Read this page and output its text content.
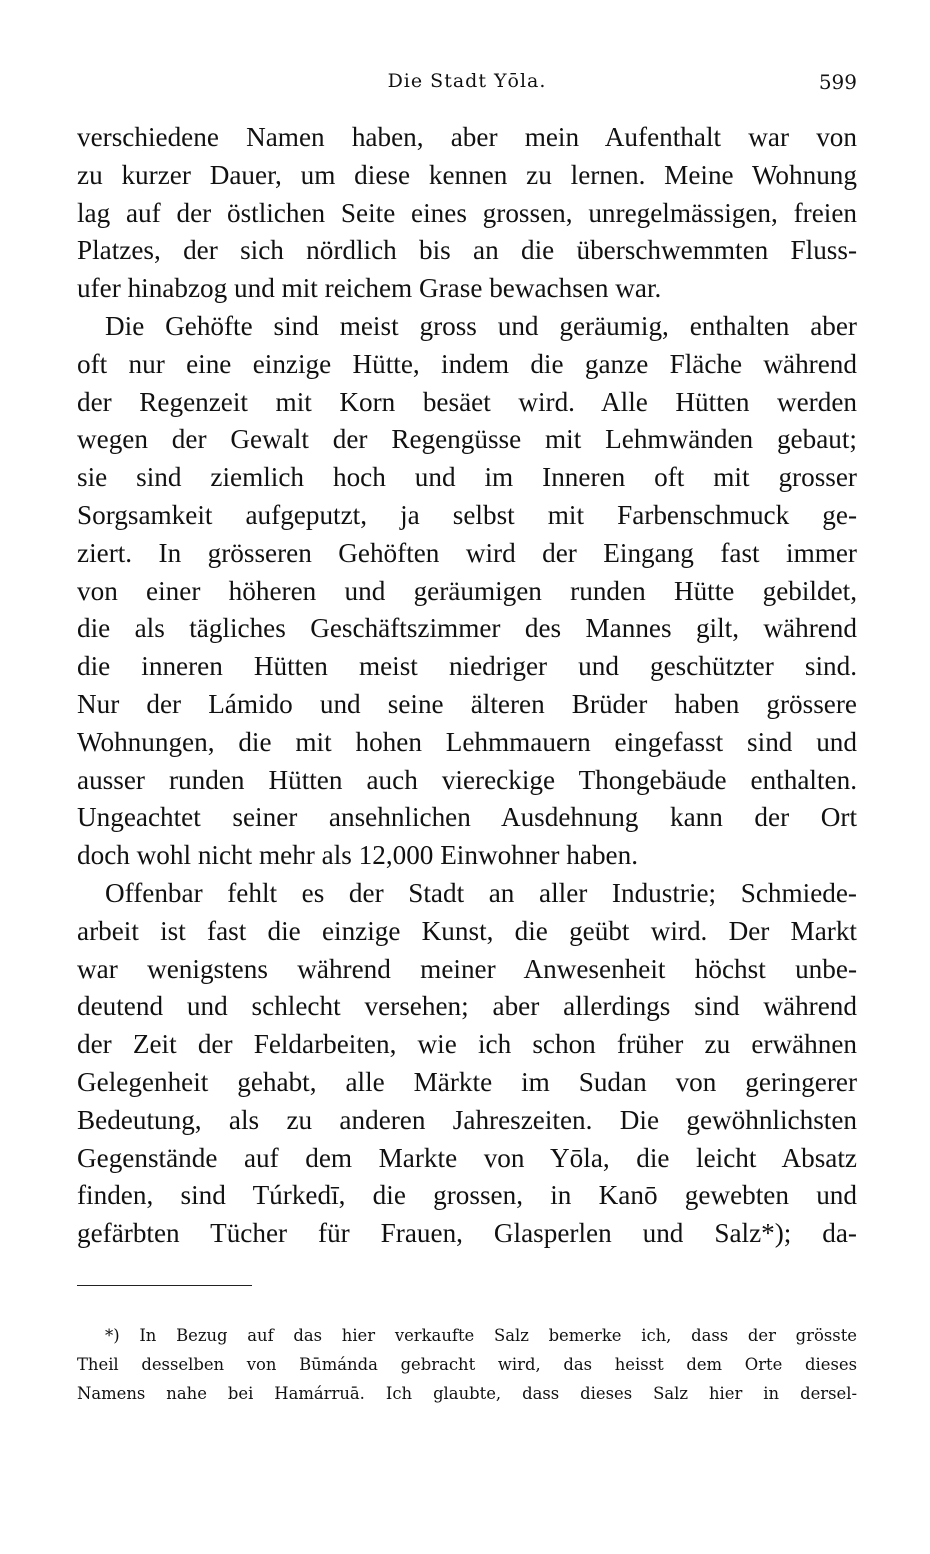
Die Stadt Yōla.	599
verschiedene Namen haben, aber mein Aufenthalt war von
zu kurzer Dauer, um diese kennen zu lernen. Meine Wohnung
lag auf der östlichen Seite eines grossen, unregelmässigen, freien
Platzes, der sich nördlich bis an die überschwemmten Fluss-
ufer hinabzog und mit reichem Grase bewachsen war.
Die Gehöfte sind meist gross und geräumig, enthalten aber
oft nur eine einzige Hütte, indem die ganze Fläche während
der Regenzeit mit Korn besäet wird. Alle Hütten werden
wegen der Gewalt der Regengüsse mit Lehmwänden gebaut;
sie sind ziemlich hoch und im Inneren oft mit grosser
Sorgsamkeit aufgeputzt, ja selbst mit Farbenschmuck ge-
ziert. In grösseren Gehöften wird der Eingang fast immer
von einer höheren und geräumigen runden Hütte gebildet,
die als tägliches Geschäftszimmer des Mannes gilt, während
die inneren Hütten meist niedriger und geschützter sind.
Nur der Lámido und seine älteren Brüder haben grössere
Wohnungen, die mit hohen Lehmmauern eingefasst sind und
ausser runden Hütten auch viereckige Thongebäude enthalten.
Ungeachtet seiner ansehnlichen Ausdehnung kann der Ort
doch wohl nicht mehr als 12,000 Einwohner haben.
Offenbar fehlt es der Stadt an aller Industrie; Schmiede-
arbeit ist fast die einzige Kunst, die geübt wird. Der Markt
war wenigstens während meiner Anwesenheit höchst unbe-
deutend und schlecht versehen; aber allerdings sind während
der Zeit der Feldarbeiten, wie ich schon früher zu erwähnen
Gelegenheit gehabt, alle Märkte im Sudan von geringerer
Bedeutung, als zu anderen Jahreszeiten. Die gewöhnlichsten
Gegenstände auf dem Markte von Yōla, die leicht Absatz
finden, sind Túrkedī, die grossen, in Kanō gewebten und
gefärbten Tücher für Frauen, Glasperlen und Salz*); da-
*) In Bezug auf das hier verkaufte Salz bemerke ich, dass der grösste
Theil desselben von Būmánda gebracht wird, das heisst dem Orte dieses
Namens nahe bei Hamárruā. Ich glaubte, dass dieses Salz hier in dersel-
